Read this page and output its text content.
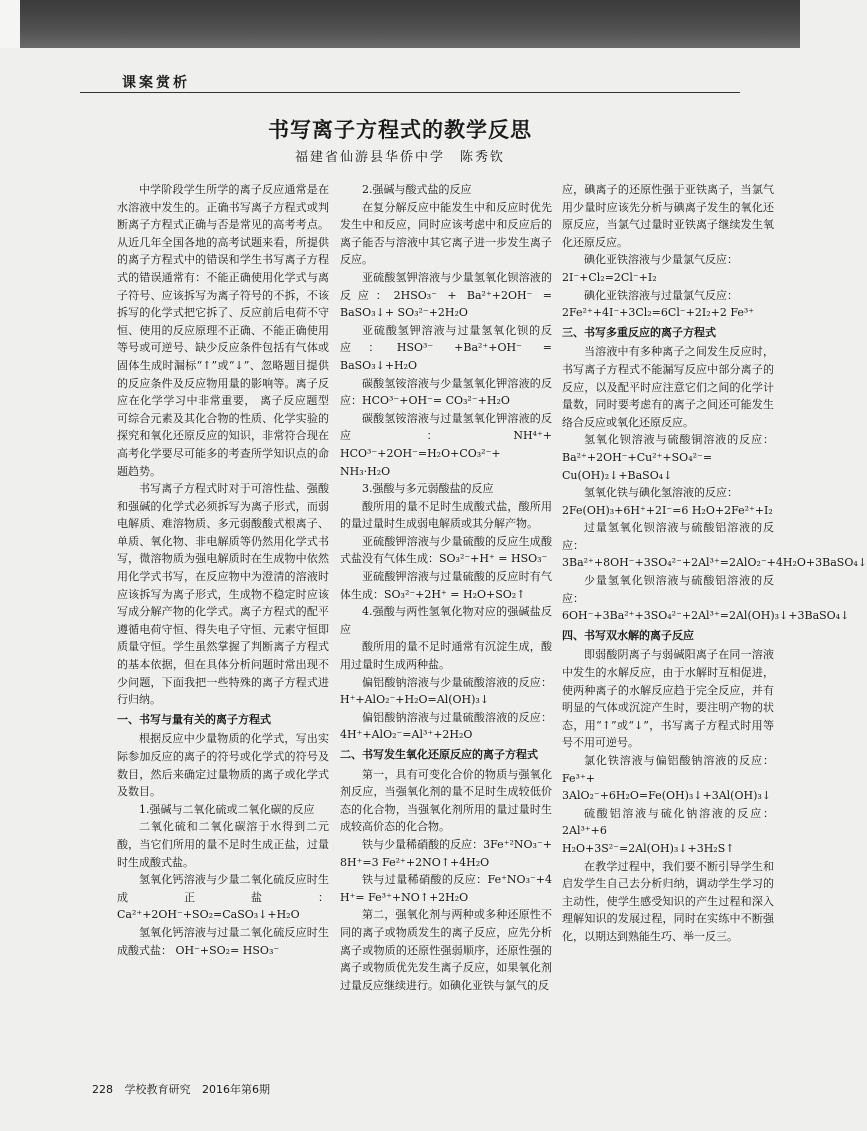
课案赏析
书写离子方程式的教学反思
福建省仙游县华侨中学　陈秀钦

中学阶段学生所学的离子反应通常是在水溶液中发生的。正确书写离子方程式或判断离子方程式正确与否是常见的高考考点。从近几年全国各地的高考试题来看，所提供的离子方程式中的错误和学生书写离子方程式的错误通常有：不能正确使用化学式与离子符号、应该拆写为离子符号的不拆，不该拆写的化学式把它拆了、反应前后电荷不守恒、使用的反应原理不正确、不能正确使用等号或可逆号、缺少反应条件包括有气体或固体生成时漏标“↑”或“↓”、忽略题目提供的反应条件及反应物用量的影响等。离子反应在化学学习中非常重要， 离子反应题型可综合元素及其化合物的性质、化学实验的探究和氧化还原反应的知识，非常符合现在高考化学要尽可能多的考查所学知识点的命题趋势。

书写离子方程式时对于可溶性盐、强酸和强碱的化学式必须拆写为离子形式，而弱电解质、难溶物质、多元弱酸酸式根离子、单质、氧化物、非电解质等仍然用化学式书写，微溶物质为强电解质时在生成物中依然用化学式书写，在反应物中为澄清的溶液时应该拆写为离子形式，生成物不稳定时应该写成分解产物的化学式。离子方程式的配平遵循电荷守恒、得失电子守恒、元素守恒即质量守恒。学生虽然掌握了判断离子方程式的基本依据，但在具体分析问题时常出现不少问题，下面我把一些特殊的离子方程式进行归纳。

一、书写与量有关的离子方程式

根据反应中少量物质的化学式，写出实际参加反应的离子的符号或化学式的符号及数目，然后来确定过量物质的离子或化学式及数目。

1.强碱与二氧化硫或二氧化碳的反应

二氧化硫和二氧化碳溶于水得到二元酸，当它们所用的量不足时生成正盐，过量时生成酸式盐。

氢氧化钙溶液与少量二氧化硫反应时生成正盐：Ca²⁺+2OH⁻+SO₂=CaSO₃↓+H₂O

氢氧化钙溶液与过量二氧化硫反应时生成酸式盐： OH⁻+SO₂= HSO₃⁻

2.强碱与酸式盐的反应

在复分解反应中能发生中和反应时优先发生中和反应，同时应该考虑中和反应后的离子能否与溶液中其它离子进一步发生离子反应。

亚硫酸氢钾溶液与少量氢氧化钡溶液的反应：2HSO₃⁻ + Ba²⁺+2OH⁻ = BaSO₃↓+ SO₃²⁻+2H₂O

亚硫酸氢钾溶液与过量氢氧化钡的反应：HSO³⁻ +Ba²⁺+OH⁻ = BaSO₃↓+H₂O

碳酸氢铵溶液与少量氢氧化钾溶液的反应：HCO³⁻+OH⁻= CO₃²⁻+H₂O

碳酸氢铵溶液与过量氢氧化钾溶液的反应：NH⁴⁺+ HCO³⁻+2OH⁻=H₂O+CO₃²⁻+ NH₃·H₂O

3.强酸与多元弱酸盐的反应

酸所用的量不足时生成酸式盐，酸所用的量过量时生成弱电解质或其分解产物。

亚硫酸钾溶液与少量硫酸的反应生成酸式盐没有气体生成：SO₃²⁻+H⁺ = HSO₃⁻

亚硫酸钾溶液与过量硫酸的反应时有气体生成：SO₃²⁻+2H⁺ = H₂O+SO₂↑

4.强酸与两性氢氧化物对应的强碱盐反应

酸所用的量不足时通常有沉淀生成，酸用过量时生成两种盐。

偏铝酸钠溶液与少量硫酸溶液的反应：H⁺+AlO₂⁻+H₂O=Al(OH)₃↓

偏铝酸钠溶液与过量硫酸溶液的反应：4H⁺+AlO₂⁻=Al³⁺+2H₂O

二、书写发生氧化还原反应的离子方程式

第一，具有可变化合价的物质与强氧化剂反应，当强氧化剂的量不足时生成较低价态的化合物，当强氧化剂所用的量过量时生成较高价态的化合物。

铁与少量稀硝酸的反应：3Fe⁺²NO₃⁻+ 8H⁺=3 Fe²⁺+2NO↑+4H₂O

铁与过量稀硝酸的反应：Fe⁺NO₃⁻+4 H⁺= Fe³⁺+NO↑+2H₂O

第二，强氧化剂与两种或多种还原性不同的离子或物质发生的离子反应，应先分析离子或物质的还原性强弱顺序，还原性强的离子或物质优先发生离子反应，如果氧化剂过量反应继续进行。如碘化亚铁与氯气的反

应，碘离子的还原性强于亚铁离子，当氯气用少量时应该先分析与碘离子发生的氧化还原反应，当氯气过量时亚铁离子继续发生氧化还原反应。

碘化亚铁溶液与少量氯气反应：

2I⁻+Cl₂=2Cl⁻+I₂

碘化亚铁溶液与过量氯气反应：

2Fe²⁺+4I⁻+3Cl₂=6Cl⁻+2I₂+2 Fe³⁺

三、书写多重反应的离子方程式

当溶液中有多种离子之间发生反应时，书写离子方程式不能漏写反应中部分离子的反应，以及配平时应注意它们之间的化学计量数，同时要考虑有的离子之间还可能发生络合反应或氧化还原反应。

氢氧化钡溶液与硫酸铜溶液的反应：Ba²⁺+2OH⁻+Cu²⁺+SO₄²⁻= Cu(OH)₂↓+BaSO₄↓

氢氧化铁与碘化氢溶液的反应：

2Fe(OH)₃+6H⁺+2I⁻=6 H₂O+2Fe²⁺+I₂

过量氢氧化钡溶液与硫酸铝溶液的反应：

3Ba²⁺+8OH⁻+3SO₄²⁻+2Al³⁺=2AlO₂⁻+4H₂O+3BaSO₄↓

少量氢氧化钡溶液与硫酸铝溶液的反应：

6OH⁻+3Ba²⁺+3SO₄²⁻+2Al³⁺=2Al(OH)₃↓+3BaSO₄↓

四、书写双水解的离子反应

即弱酸阴离子与弱碱阳离子在同一溶液中发生的水解反应，由于水解时互相促进，使两种离子的水解反应趋于完全反应，并有明显的气体或沉淀产生时，要注明产物的状态，用“↑”或“↓”，书写离子方程式时用等号不用可逆号。

氯化铁溶液与偏铝酸钠溶液的反应：Fe³⁺+ 3AlO₂⁻+6H₂O=Fe(OH)₃↓+3Al(OH)₃↓

硫酸铝溶液与硫化钠溶液的反应：2Al³⁺+6 H₂O+3S²⁻=2Al(OH)₃↓+3H₂S↑

在教学过程中，我们要不断引导学生和启发学生自己去分析归纳，调动学生学习的主动性，使学生感受知识的产生过程和深入理解知识的发展过程，同时在实练中不断强化，以期达到熟能生巧、举一反三。

228 学校教育研究 2016年第6期
